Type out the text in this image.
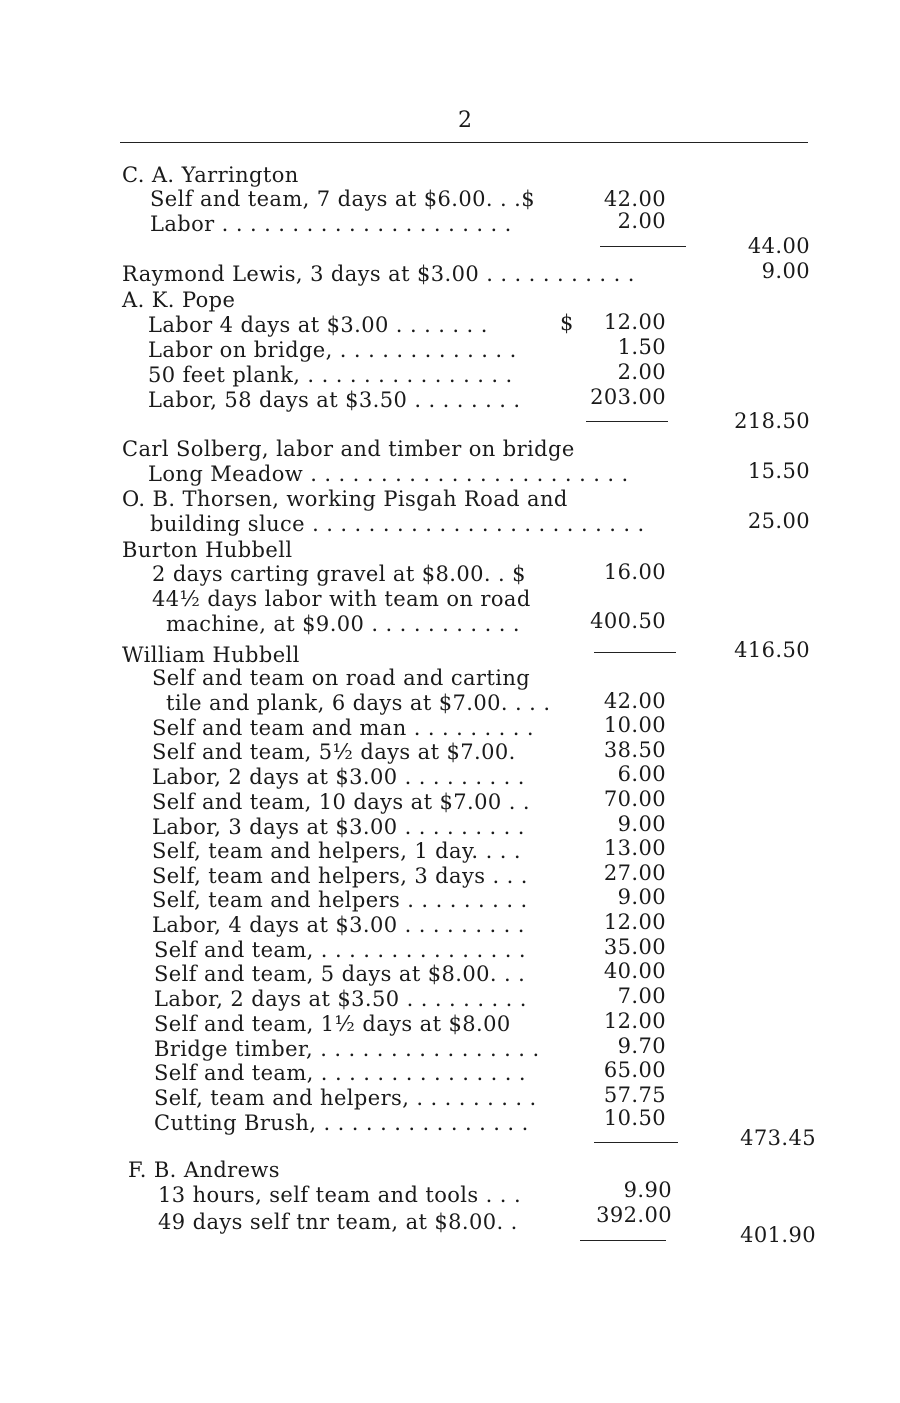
2
C. A. Yarrington
Self and team, 7 days at $6.00. . .$	42.00
Labor . . . . . . . . . . . . . . . . . . . . .	2.00
44.00
Raymond Lewis, 3 days at $3.00 . . . . . . . . . . .	9.00
A. K. Pope
Labor 4 days at $3.00 . . . . . . .	$	12.00
Labor on bridge, . . . . . . . . . . . . .	1.50
50 feet plank, . . . . . . . . . . . . . . .	2.00
Labor, 58 days at $3.50 . . . . . . . .	203.00
218.50
Carl Solberg, labor and timber on bridge
Long Meadow . . . . . . . . . . . . . . . . . . . . . . .	15.50
O. B. Thorsen, working Pisgah Road and
building sluce . . . . . . . . . . . . . . . . . . . . . . . .	25.00
Burton Hubbell
2 days carting gravel at $8.00. . $	16.00
44½ days labor with team on road
machine, at $9.00 . . . . . . . . . . .	400.50
416.50
William Hubbell
Self and team on road and carting
tile and plank, 6 days at $7.00. . . .	42.00
Self and team and man . . . . . . . . .	10.00
Self and team, 5½ days at $7.00.	38.50
Labor, 2 days at $3.00 . . . . . . . . .	6.00
Self and team, 10 days at $7.00 . .	70.00
Labor, 3 days at $3.00 . . . . . . . . .	9.00
Self, team and helpers, 1 day. . . .	13.00
Self, team and helpers, 3 days . . .	27.00
Self, team and helpers . . . . . . . . .	9.00
Labor, 4 days at $3.00 . . . . . . . . .	12.00
Self and team, . . . . . . . . . . . . . . .	35.00
Self and team, 5 days at $8.00. . .	40.00
Labor, 2 days at $3.50 . . . . . . . . .	7.00
Self and team, 1½ days at $8.00	12.00
Bridge timber, . . . . . . . . . . . . . . . .	9.70
Self and team, . . . . . . . . . . . . . . .	65.00
Self, team and helpers, . . . . . . . . .	57.75
Cutting Brush, . . . . . . . . . . . . . . .	10.50
473.45
F. B. Andrews
13 hours, self team and tools . . .	9.90
49 days self tnr team, at $8.00. .	392.00
401.90
